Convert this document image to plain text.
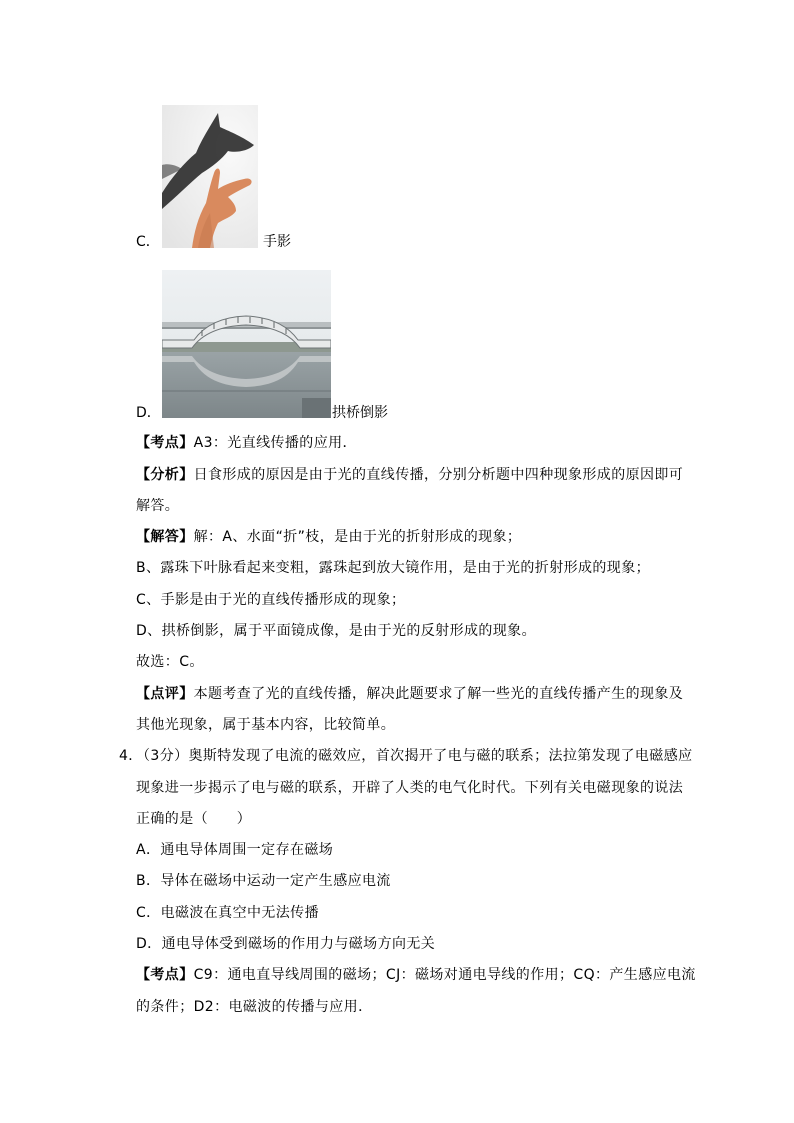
C．	手影
D．	拱桥倒影
【考点】A3：光直线传播的应用．
【分析】日食形成的原因是由于光的直线传播，分别分析题中四种现象形成的原因即可
解答。
【解答】解：A、水面“折”枝，是由于光的折射形成的现象；
B、露珠下叶脉看起来变粗，露珠起到放大镜作用，是由于光的折射形成的现象；
C、手影是由于光的直线传播形成的现象；
D、拱桥倒影，属于平面镜成像，是由于光的反射形成的现象。
故选：C。
【点评】本题考查了光的直线传播，解决此题要求了解一些光的直线传播产生的现象及
其他光现象，属于基本内容，比较简单。
4．
（3分）奥斯特发现了电流的磁效应，首次揭开了电与磁的联系；法拉第发现了电磁感应
现象进一步揭示了电与磁的联系，开辟了人类的电气化时代。下列有关电磁现象的说法
正确的是（　　）
A．通电导体周围一定存在磁场
B．导体在磁场中运动一定产生感应电流
C．电磁波在真空中无法传播
D．通电导体受到磁场的作用力与磁场方向无关
【考点】C9：通电直导线周围的磁场；CJ：磁场对通电导线的作用；CQ：产生感应电流
的条件；D2：电磁波的传播与应用．
